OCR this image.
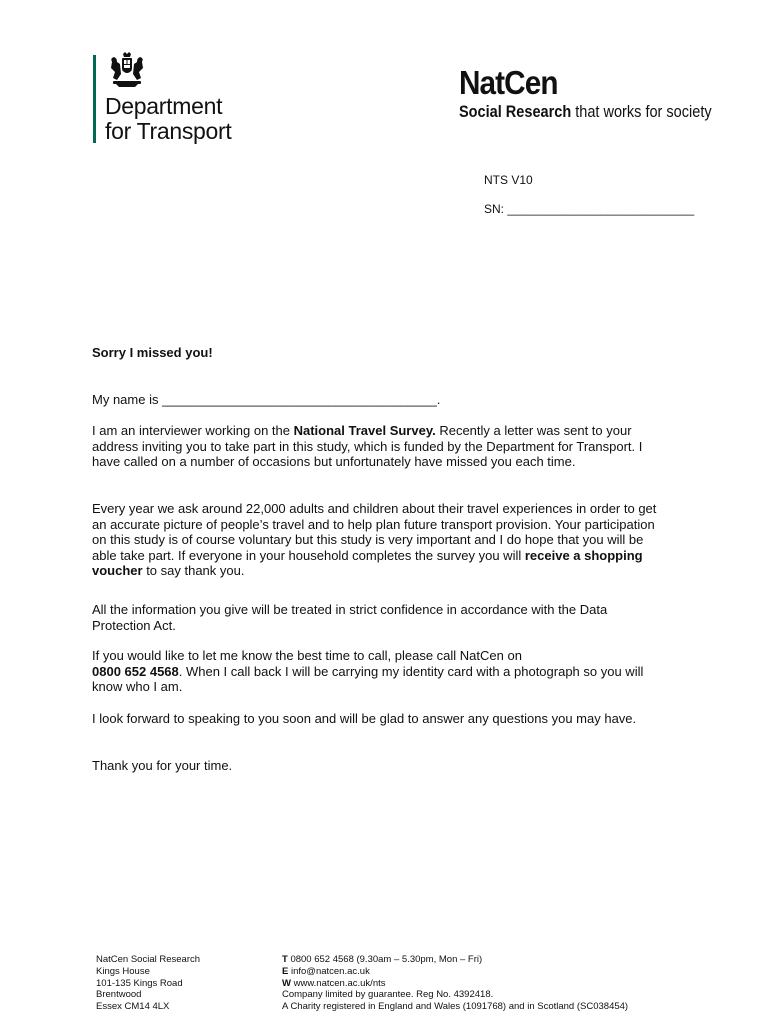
Department
for Transport
NatCen
Social Research that works for society
NTS V10
SN: ____________________________
Sorry I missed you!
My name is ______________________________________.

I am an interviewer working on the National Travel Survey. Recently a letter was sent to your address inviting you to take part in this study, which is funded by the Department for Transport. I have called on a number of occasions but unfortunately have missed you each time.

Every year we ask around 22,000 adults and children about their travel experiences in order to get an accurate picture of people’s travel and to help plan future transport provision. Your participation on this study is of course voluntary but this study is very important and I do hope that you will be able take part. If everyone in your household completes the survey you will receive a shopping voucher to say thank you.

All the information you give will be treated in strict confidence in accordance with the Data Protection Act.

If you would like to let me know the best time to call, please call NatCen on
0800 652 4568. When I call back I will be carrying my identity card with a photograph so you will know who I am.

I look forward to speaking to you soon and will be glad to answer any questions you may have.

Thank you for your time.

NatCen Social Research
Kings House
101-135 Kings Road
Brentwood
Essex CM14 4LX
T 0800 652 4568 (9.30am – 5.30pm, Mon – Fri)
E info@natcen.ac.uk
W www.natcen.ac.uk/nts
Company limited by guarantee. Reg No. 4392418.
A Charity registered in England and Wales (1091768) and in Scotland (SC038454)
